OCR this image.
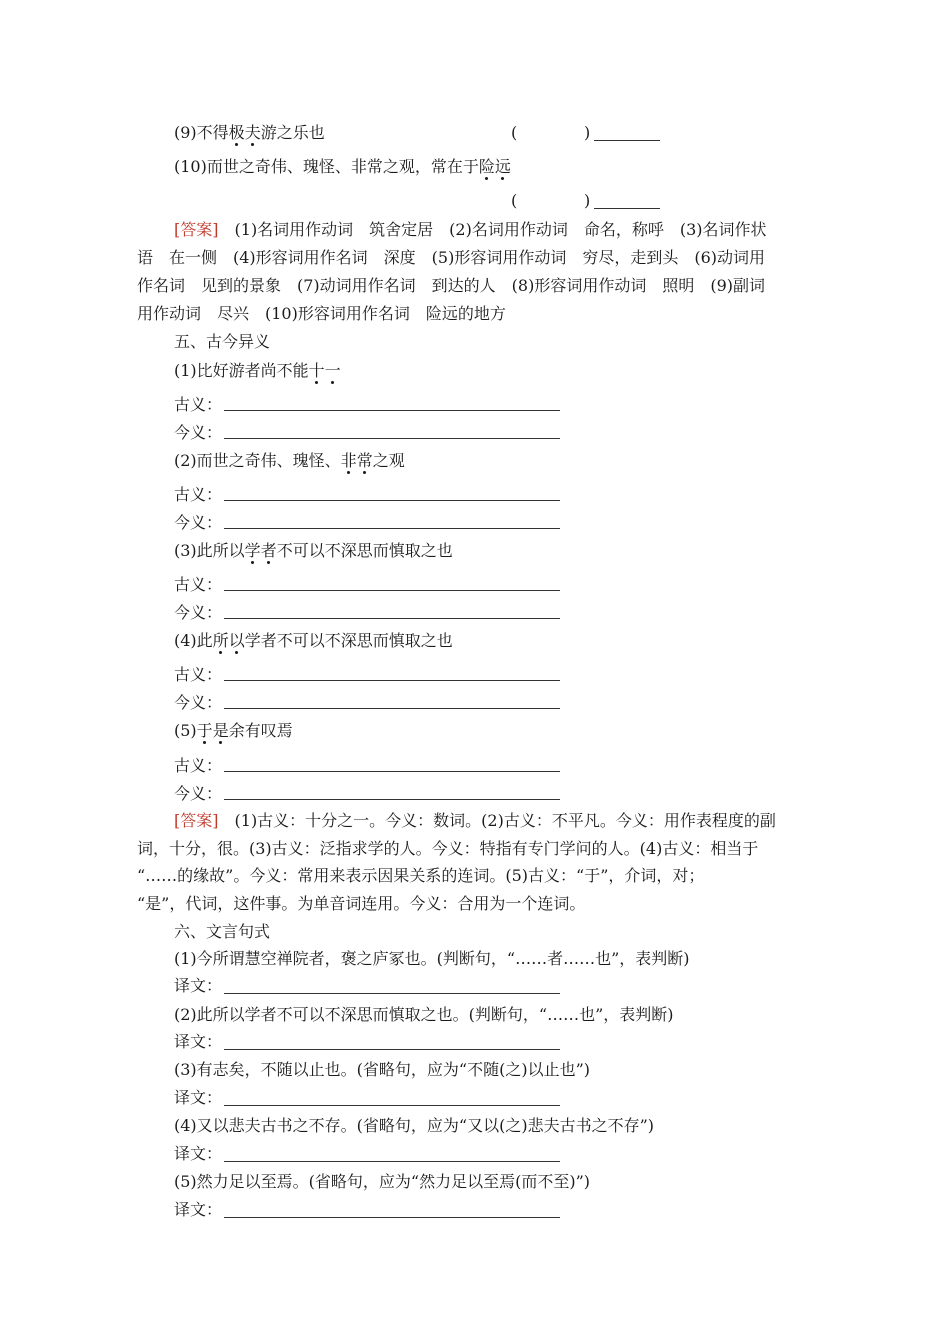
(9)不得极夫游之乐也	(	)
(10)而世之奇伟、瑰怪、非常之观，常在于险远
(	)
[答案]　 (1)名词用作动词　筑舍定居　(2)名词用作动词　命名，称呼　(3)名词作状
语　在一侧　(4)形容词用作名词　深度　(5)形容词用作动词　穷尽，走到头　(6)动词用
作名词　见到的景象　(7)动词用作名词　到达的人　(8)形容词用作动词　照明　(9)副词
用作动词　尽兴　(10)形容词用作名词　险远的地方
五、古今异义
(1)比好游者尚不能十一
古义：
今义：
(2)而世之奇伟、瑰怪、非常之观
古义：
今义：
(3)此所以学者不可以不深思而慎取之也
古义：
今义：
(4)此所以学者不可以不深思而慎取之也
古义：
今义：
(5)于是余有叹焉
古义：
今义：
[答案]　 (1)古义：十分之一。今义：数词。(2)古义：不平凡。今义：用作表程度的副
词，十分，很。(3)古义：泛指求学的人。今义：特指有专门学问的人。(4)古义：相当于
“……的缘故”。今义：常用来表示因果关系的连词。(5)古义：“于”，介词，对；
“是”，代词，这件事。为单音词连用。今义：合用为一个连词。
六、文言句式
(1)今所谓慧空禅院者，褒之庐冢也。(判断句，“……者……也”，表判断)
译文：
(2)此所以学者不可以不深思而慎取之也。(判断句，“……也”，表判断)
译文：
(3)有志矣，不随以止也。(省略句，应为“不随(之)以止也”)
译文：
(4)又以悲夫古书之不存。(省略句，应为“又以(之)悲夫古书之不存”)
译文：
(5)然力足以至焉。(省略句，应为“然力足以至焉(而不至)”)
译文：
